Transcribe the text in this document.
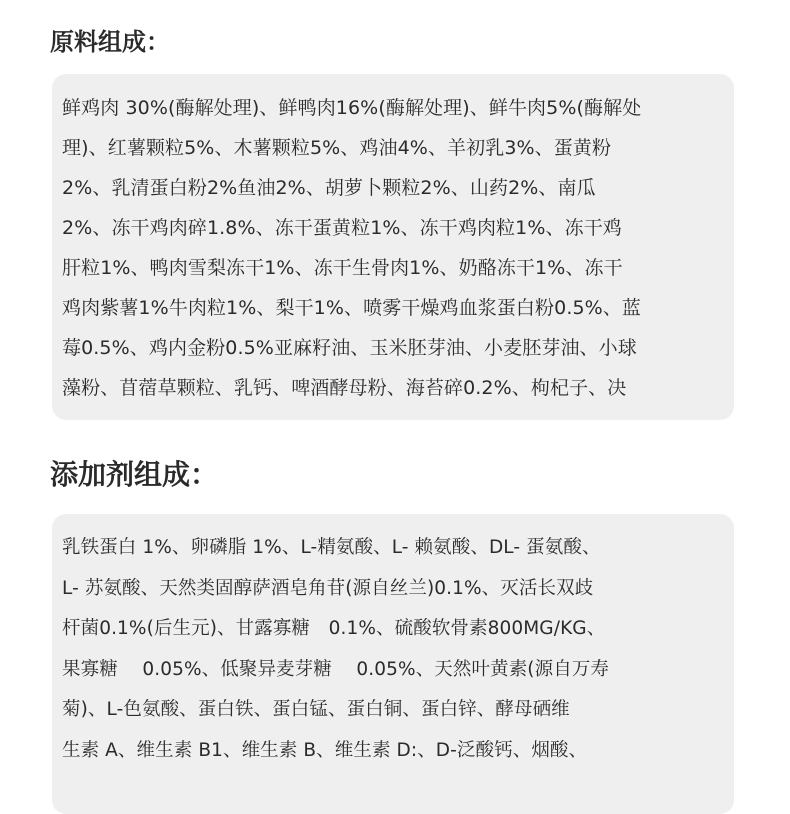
原料组成：
鲜鸡肉 30%(酶解处理)、鲜鸭肉16%(酶解处理)、鲜牛肉5%(酶解处
理)、红薯颗粒5%、木薯颗粒5%、鸡油4%、羊初乳3%、蛋黄粉
2%、乳清蛋白粉2%鱼油2%、胡萝卜颗粒2%、山药2%、南瓜
2%、冻干鸡肉碎1.8%、冻干蛋黄粒1%、冻干鸡肉粒1%、冻干鸡
肝粒1%、鸭肉雪梨冻干1%、冻干生骨肉1%、奶酪冻干1%、冻干
鸡肉紫薯1%牛肉粒1%、梨干1%、喷雾干燥鸡血浆蛋白粉0.5%、蓝
莓0.5%、鸡内金粉0.5%亚麻籽油、玉米胚芽油、小麦胚芽油、小球
藻粉、苜蓿草颗粒、乳钙、啤酒酵母粉、海苔碎0.2%、枸杞子、决
添加剂组成：
乳铁蛋白 1%、卵磷脂 1%、L-精氨酸、L- 赖氨酸、DL- 蛋氨酸、
L- 苏氨酸、天然类固醇萨酒皂角苷(源自丝兰)0.1%、灭活长双歧
杆菌0.1%(后生元)、甘露寡糖　0.1%、硫酸软骨素800MG/KG、
果寡糖　 0.05%、低聚异麦芽糖　 0.05%、天然叶黄素(源自万寿
菊)、L-色氨酸、蛋白铁、蛋白锰、蛋白铜、蛋白锌、酵母硒维
生素 A、维生素 B1、维生素 B、维生素 D:、D-泛酸钙、烟酸、
